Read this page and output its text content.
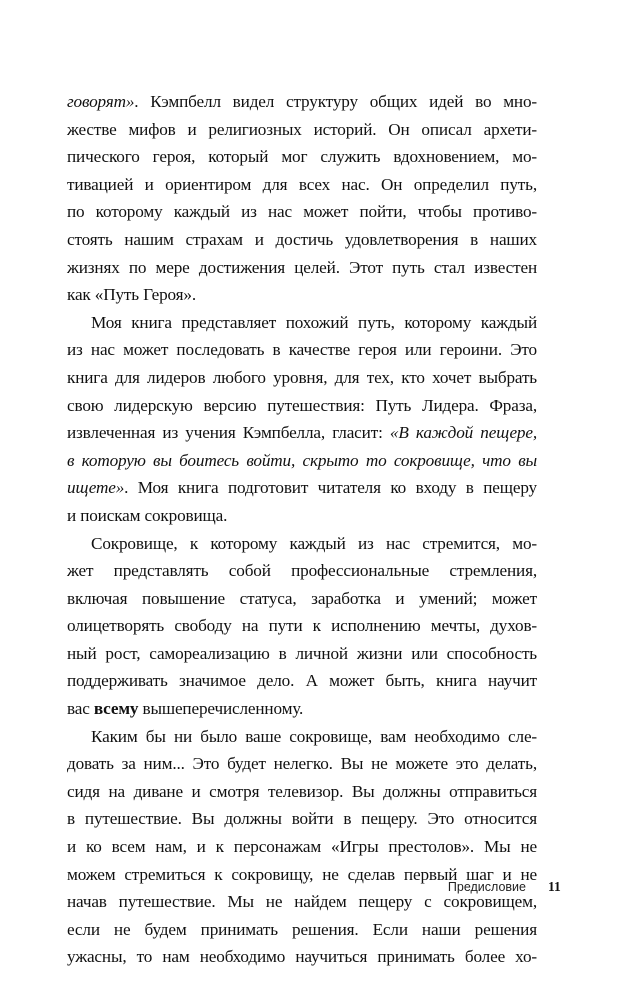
говорят». Кэмпбелл видел структуру общих идей во мно-
жестве мифов и религиозных историй. Он описал архети-
пического героя, который мог служить вдохновением, мо-
тивацией и ориентиром для всех нас. Он определил путь,
по которому каждый из нас может пойти, чтобы противо-
стоять нашим страхам и достичь удовлетворения в наших
жизнях по мере достижения целей. Этот путь стал известен
как «Путь Героя».
Моя книга представляет похожий путь, которому каждый
из нас может последовать в качестве героя или героини. Это
книга для лидеров любого уровня, для тех, кто хочет выбрать
свою лидерскую версию путешествия: Путь Лидера. Фраза,
извлеченная из учения Кэмпбелла, гласит: «В каждой пещере,
в которую вы боитесь войти, скрыто то сокровище, что вы
ищете». Моя книга подготовит читателя ко входу в пещеру
и поискам сокровища.
Сокровище, к которому каждый из нас стремится, мо-
жет представлять собой профессиональные стремления,
включая повышение статуса, заработка и умений; может
олицетворять свободу на пути к исполнению мечты, духов-
ный рост, самореализацию в личной жизни или способность
поддерживать значимое дело. А может быть, книга научит
вас всему вышеперечисленному.
Каким бы ни было ваше сокровище, вам необходимо сле-
довать за ним... Это будет нелегко. Вы не можете это делать,
сидя на диване и смотря телевизор. Вы должны отправиться
в путешествие. Вы должны войти в пещеру. Это относится
и ко всем нам, и к персонажам «Игры престолов». Мы не
можем стремиться к сокровищу, не сделав первый шаг и не
начав путешествие. Мы не найдем пещеру с сокровищем,
если не будем принимать решения. Если наши решения
ужасны, то нам необходимо научиться принимать более хо-
Предисловие 11
